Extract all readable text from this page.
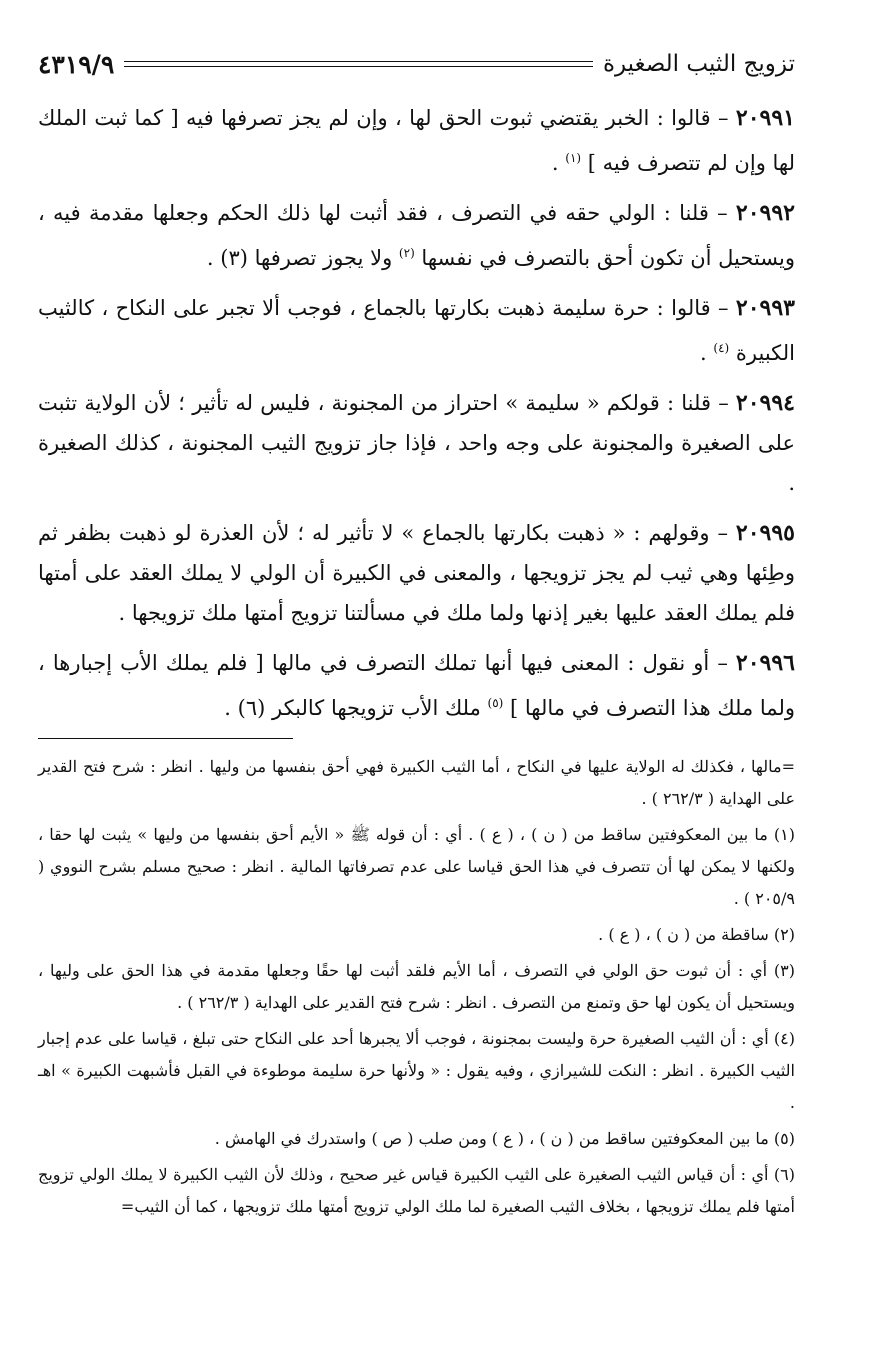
تزويج الثيب الصغيرة
٤٣١٩/٩

٢٠٩٩١ – قالوا : الخبر يقتضي ثبوت الحق لها ، وإن لم يجز تصرفها فيه [ كما ثبت الملك لها وإن لم تتصرف فيه ] $^{(١)}$ .

٢٠٩٩٢ – قلنا : الولي حقه في التصرف ، فقد أثبت لها ذلك الحكم وجعلها مقدمة فيه ، ويستحيل أن تكون أحق بالتصرف في نفسها $^{(٢)}$ ولا يجوز تصرفها (٣) .

٢٠٩٩٣ – قالوا : حرة سليمة ذهبت بكارتها بالجماع ، فوجب ألا تجبر على النكاح ، كالثيب الكبيرة $^{(٤)}$ .

٢٠٩٩٤ – قلنا : قولكم « سليمة » احتراز من المجنونة ، فليس له تأثير ؛ لأن الولاية تثبت على الصغيرة والمجنونة على وجه واحد ، فإذا جاز تزويج الثيب المجنونة ، كذلك الصغيرة .

٢٠٩٩٥ – وقولهم : « ذهبت بكارتها بالجماع » لا تأثير له ؛ لأن العذرة لو ذهبت بظفر ثم وطِئها وهي ثيب لم يجز تزويجها ، والمعنى في الكبيرة أن الولي لا يملك العقد على أمتها فلم يملك العقد عليها بغير إذنها ولما ملك في مسألتنا تزويج أمتها ملك تزويجها .

٢٠٩٩٦ – أو نقول : المعنى فيها أنها تملك التصرف في مالها [ فلم يملك الأب إجبارها ، ولما ملك هذا التصرف في مالها ] $^{(٥)}$ ملك الأب تزويجها كالبكر (٦) .

=مالها ، فكذلك له الولاية عليها في النكاح ، أما الثيب الكبيرة فهي أحق بنفسها من وليها . انظر : شرح فتح القدير على الهداية ( ٢٦٢/٣ ) .

(١) ما بين المعكوفتين ساقط من ( ن ) ، ( ع ) . أي : أن قوله ﷺ « الأيم أحق بنفسها من وليها » يثبت لها حقا ، ولكنها لا يمكن لها أن تتصرف في هذا الحق قياسا على عدم تصرفاتها المالية . انظر : صحيح مسلم بشرح النووي ( ٢٠٥/٩ ) .

(٢) ساقطة من ( ن ) ، ( ع ) .

(٣) أي : أن ثبوت حق الولي في التصرف ، أما الأيم فلقد أثبت لها حقًا وجعلها مقدمة في هذا الحق على وليها ، ويستحيل أن يكون لها حق وتمنع من التصرف . انظر : شرح فتح القدير على الهداية ( ٢٦٢/٣ ) .

(٤) أي : أن الثيب الصغيرة حرة وليست بمجنونة ، فوجب ألا يجبرها أحد على النكاح حتى تبلغ ، قياسا على عدم إجبار الثيب الكبيرة . انظر : النكت للشيرازي ، وفيه يقول : « ولأنها حرة سليمة موطوءة في القبل فأشبهت الكبيرة » اهـ .

(٥) ما بين المعكوفتين ساقط من ( ن ) ، ( ع ) ومن صلب ( ص ) واستدرك في الهامش .

(٦) أي : أن قياس الثيب الصغيرة على الثيب الكبيرة قياس غير صحيح ، وذلك لأن الثيب الكبيرة لا يملك الولي تزويج أمتها فلم يملك تزويجها ، بخلاف الثيب الصغيرة لما ملك الولي تزويج أمتها ملك تزويجها ، كما أن الثيب=
